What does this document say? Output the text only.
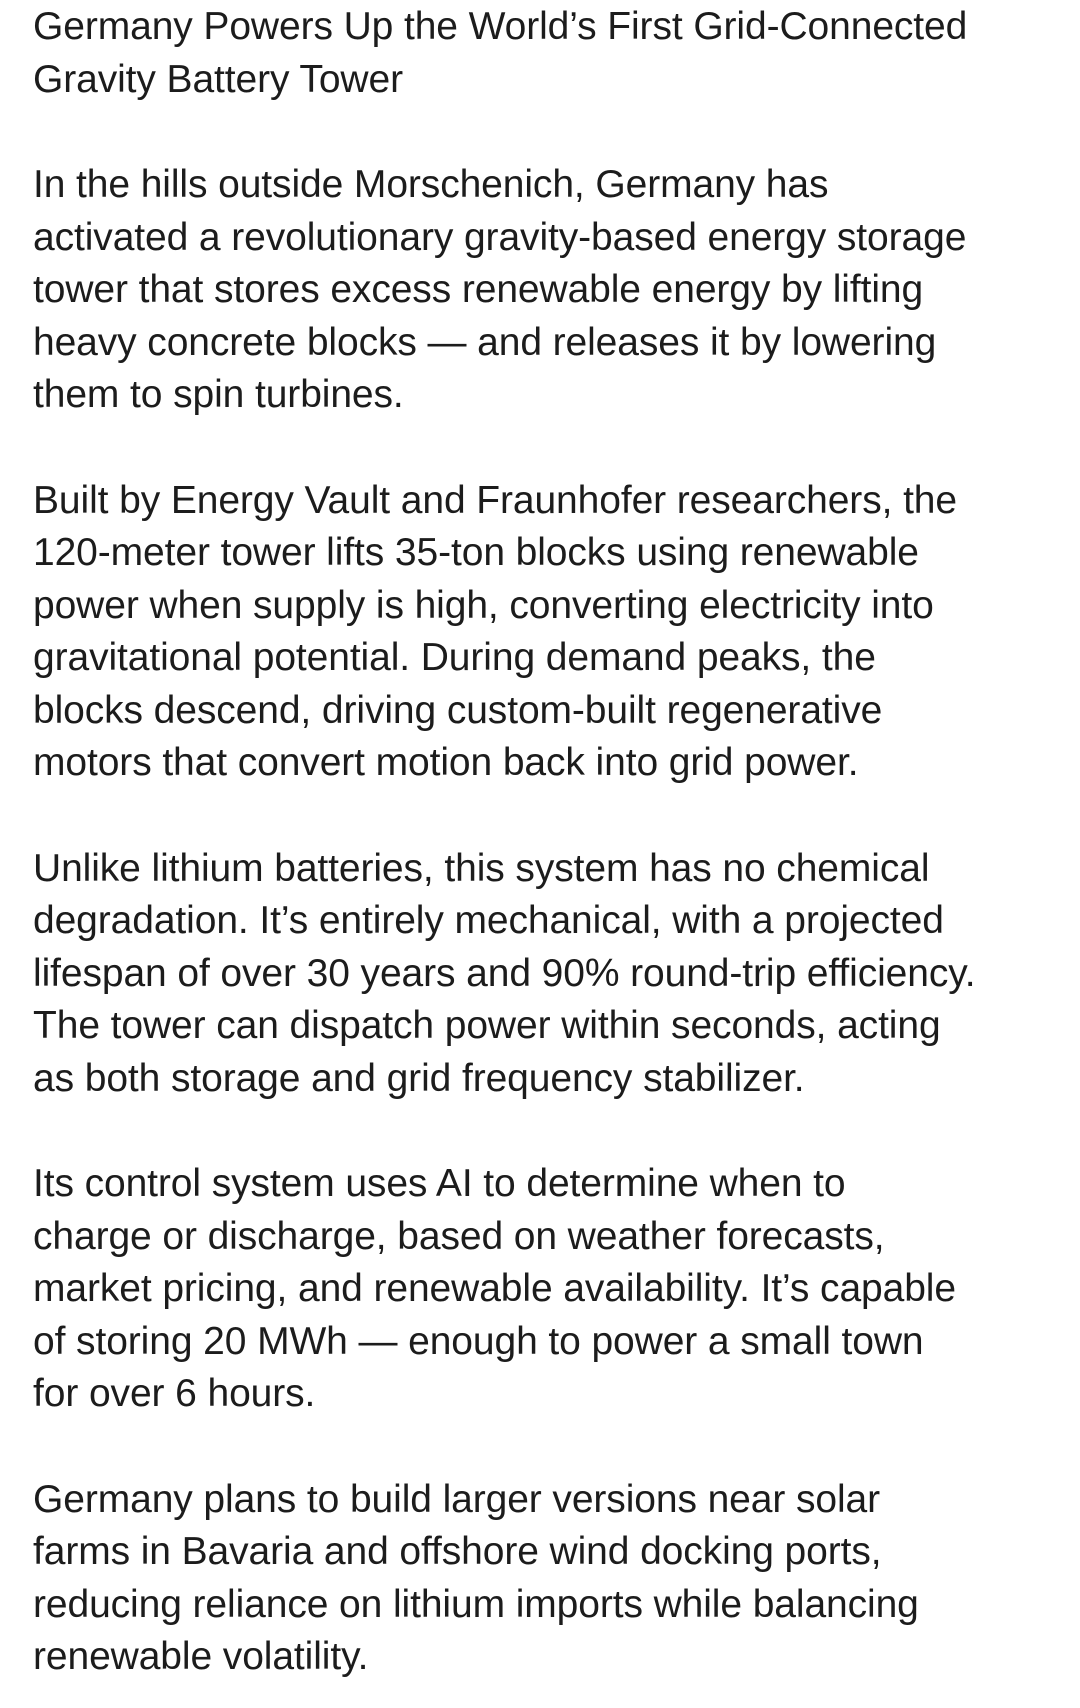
Germany Powers Up the World’s First Grid-Connected

Gravity Battery Tower

In the hills outside Morschenich, Germany has

activated a revolutionary gravity-based energy storage

tower that stores excess renewable energy by lifting

heavy concrete blocks — and releases it by lowering

them to spin turbines.

Built by Energy Vault and Fraunhofer researchers, the

120-meter tower lifts 35-ton blocks using renewable

power when supply is high, converting electricity into

gravitational potential. During demand peaks, the

blocks descend, driving custom-built regenerative

motors that convert motion back into grid power.

Unlike lithium batteries, this system has no chemical

degradation. It’s entirely mechanical, with a projected

lifespan of over 30 years and 90% round-trip efficiency.

The tower can dispatch power within seconds, acting

as both storage and grid frequency stabilizer.

Its control system uses AI to determine when to

charge or discharge, based on weather forecasts,

market pricing, and renewable availability. It’s capable

of storing 20 MWh — enough to power a small town

for over 6 hours.

Germany plans to build larger versions near solar

farms in Bavaria and offshore wind docking ports,

reducing reliance on lithium imports while balancing

renewable volatility.
